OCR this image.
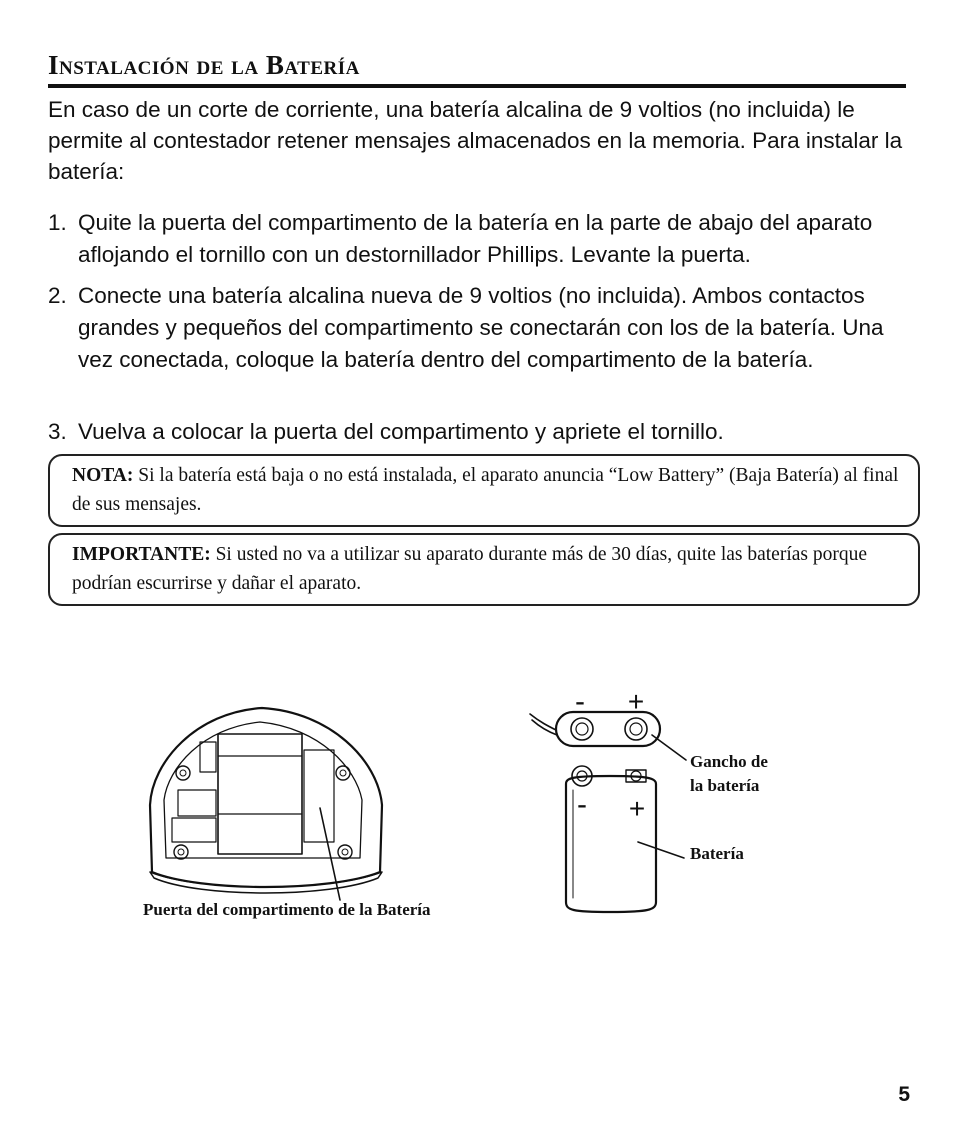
Instalación de la Batería

En caso de un corte de corriente, una batería alcalina de 9 voltios (no incluida) le permite al contestador retener mensajes almacenados en la memoria. Para instalar la batería:

1. Quite la puerta del compartimento de la batería en la parte de abajo del aparato aflojando el tornillo con un destornillador Phillips. Levante la puerta.
2. Conecte una batería alcalina nueva de 9 voltios (no incluida). Ambos contactos grandes y pequeños del compartimento se conectarán con los de la batería. Una vez conectada, coloque la batería dentro del compartimento de la batería.
3. Vuelva a colocar la puerta del compartimento y apriete el tornillo.
NOTA: Si la batería está baja o no está instalada, el aparato anuncia “Low Battery” (Baja Batería) al final de sus mensajes.
IMPORTANTE: Si usted no va a utilizar su aparato durante más de 30 días, quite las baterías porque podrían escurrirse y dañar el aparato.
- +
- +
Puerta del compartimento de la Batería
Gancho de
la batería
Batería
5
